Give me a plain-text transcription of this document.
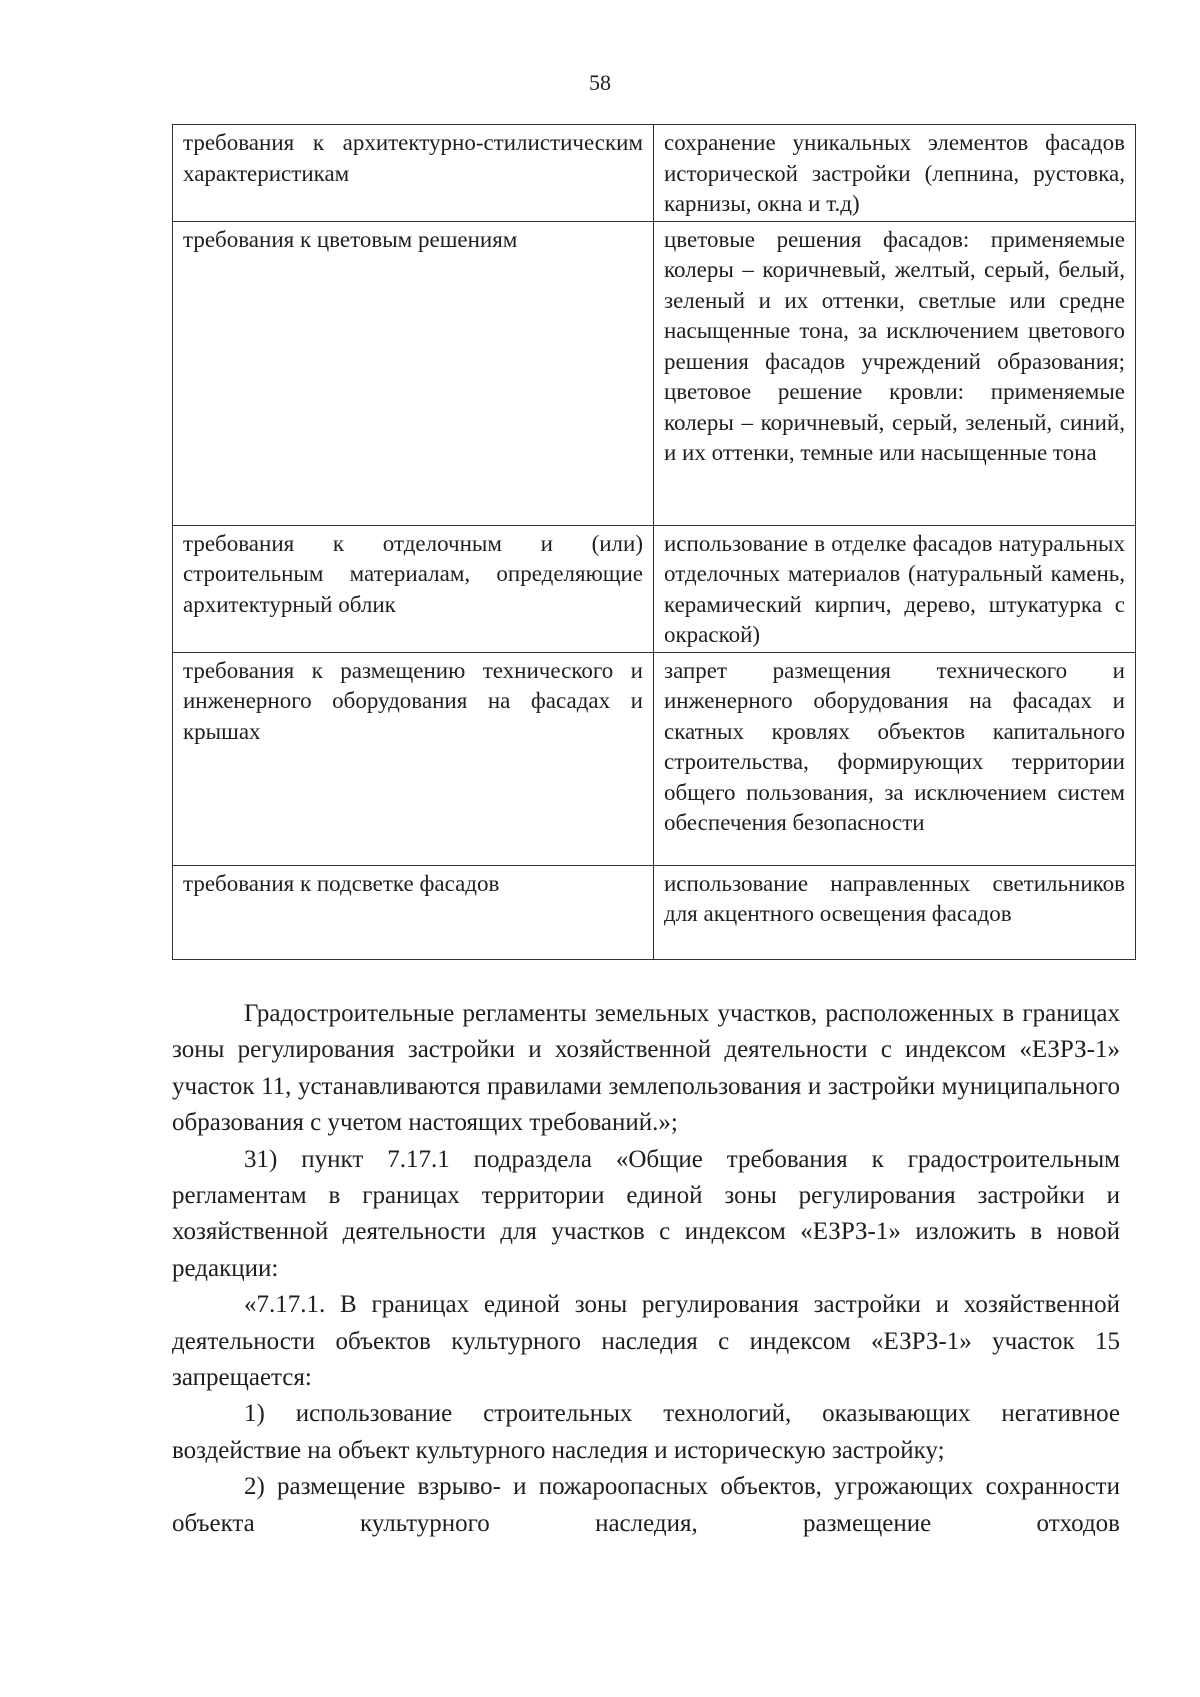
58
требования к архитектурно-стилистическим характеристикам	сохранение уникальных элементов фасадов исторической застройки (лепнина, рустовка, карнизы, окна и т.д)
требования к цветовым решениям	цветовые решения фасадов: применяемые колеры – коричневый, желтый, серый, белый, зеленый и их оттенки, светлые или средне насыщенные тона, за исключением цветового решения фасадов учреждений образования; цветовое решение кровли: применяемые колеры – коричневый, серый, зеленый, синий, и их оттенки, темные или насыщенные тона
требования к отделочным и (или) строительным материалам, определяющие архитектурный облик	использование в отделке фасадов натуральных отделочных материалов (натуральный камень, керамический кирпич, дерево, штукатурка с окраской)
требования к размещению технического и инженерного оборудования на фасадах и крышах	запрет размещения технического и инженерного оборудования на фасадах и скатных кровлях объектов капитального строительства, формирующих территории общего пользования, за исключением систем обеспечения безопасности
требования к подсветке фасадов	использование направленных светильников для акцентного освещения фасадов

Градостроительные регламенты земельных участков, расположенных в границах зоны регулирования застройки и хозяйственной деятельности с индексом «ЕЗРЗ-1» участок 11, устанавливаются правилами землепользования и застройки муниципального образования с учетом настоящих требований.»;

31) пункт 7.17.1 подраздела «Общие требования к градостроительным регламентам в границах территории единой зоны регулирования застройки и хозяйственной деятельности для участков с индексом «ЕЗРЗ-1» изложить в новой редакции:

«7.17.1. В границах единой зоны регулирования застройки и хозяйственной деятельности объектов культурного наследия с индексом «ЕЗРЗ-1» участок 15 запрещается:

1) использование строительных технологий, оказывающих негативное воздействие на объект культурного наследия и историческую застройку;

2) размещение взрыво- и пожароопасных объектов, угрожающих сохранности объекта культурного наследия, размещение отходов
